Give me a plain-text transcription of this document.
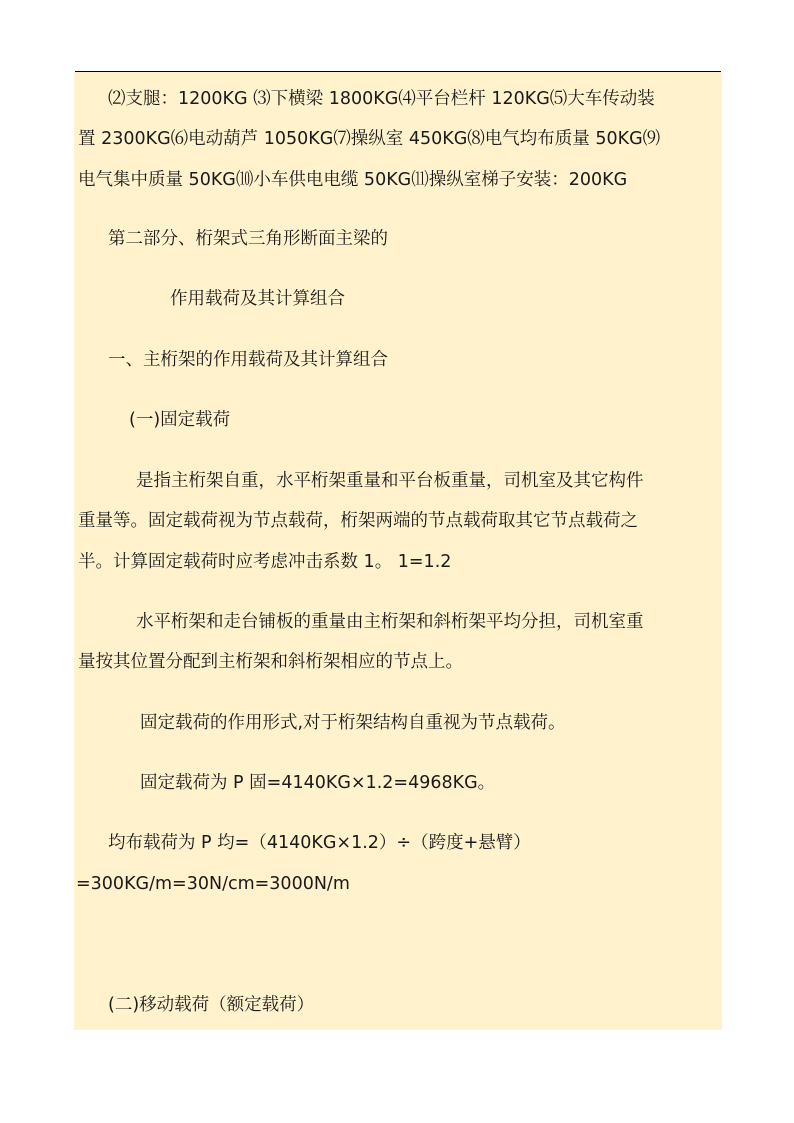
⑵支腿：1200KG ⑶下横梁 1800KG⑷平台栏杆 120KG⑸大车传动装
置 2300KG⑹电动葫芦 1050KG⑺操纵室 450KG⑻电气均布质量 50KG⑼
电气集中质量 50KG⑽小车供电电缆 50KG⑾操纵室梯子安装：200KG
第二部分、桁架式三角形断面主梁的
作用载荷及其计算组合
一、主桁架的作用载荷及其计算组合
(一)固定载荷
是指主桁架自重，水平桁架重量和平台板重量，司机室及其它构件
重量等。固定载荷视为节点载荷，桁架两端的节点载荷取其它节点载荷之
半。计算固定载荷时应考虑冲击系数 1。 1=1.2
水平桁架和走台铺板的重量由主桁架和斜桁架平均分担，司机室重
量按其位置分配到主桁架和斜桁架相应的节点上。
固定载荷的作用形式,对于桁架结构自重视为节点载荷。
固定载荷为 P 固=4140KG×1.2=4968KG。
均布载荷为 P 均=（4140KG×1.2）÷（跨度+悬臂）
=300KG/m=30N/cm=3000N/m
(二)移动载荷（额定载荷）
